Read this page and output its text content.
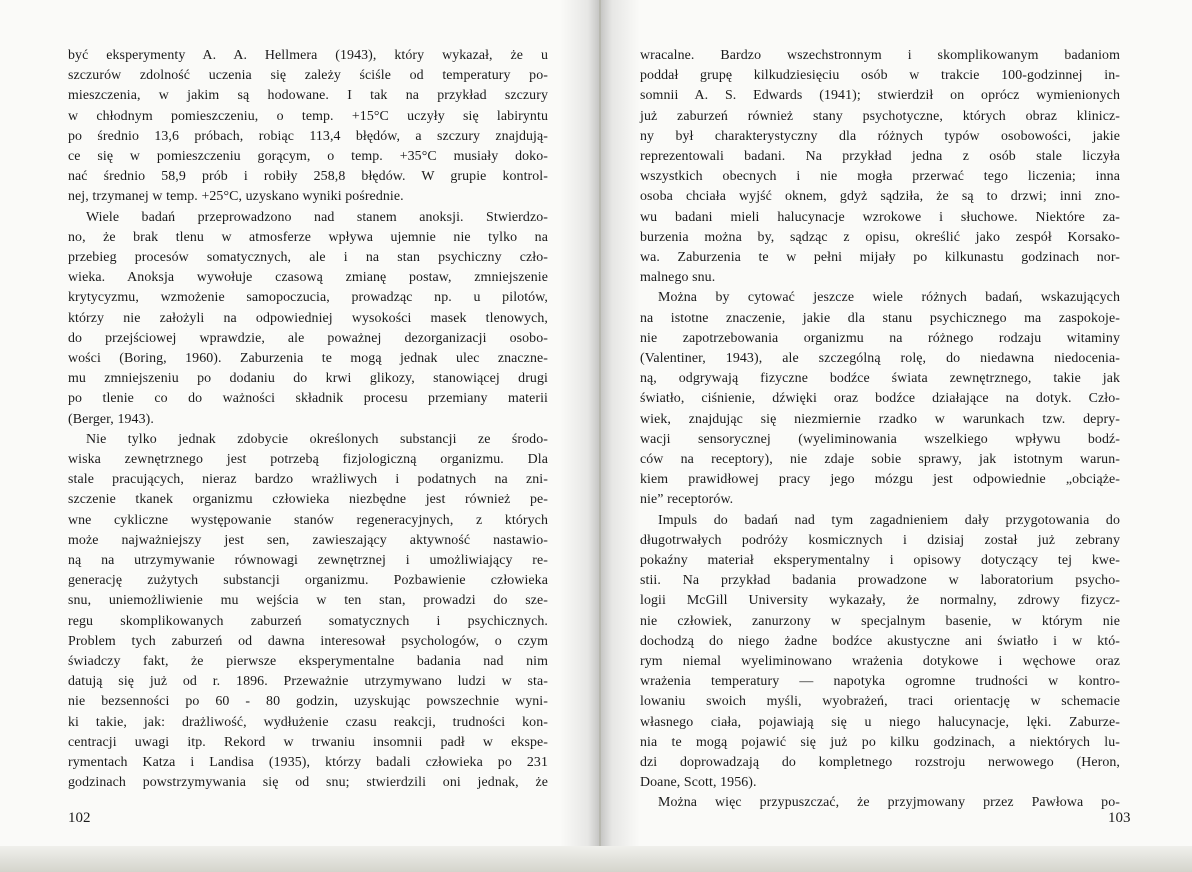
być eksperymenty A. A. Hellmera (1943), który wykazał, że u
szczurów zdolność uczenia się zależy ściśle od temperatury po-
mieszczenia, w jakim są hodowane. I tak na przykład szczury
w chłodnym pomieszczeniu, o temp. +15°C uczyły się labiryntu
po średnio 13,6 próbach, robiąc 113,4 błędów, a szczury znajdują-
ce się w pomieszczeniu gorącym, o temp. +35°C musiały doko-
nać średnio 58,9 prób i robiły 258,8 błędów. W grupie kontrol-
nej, trzymanej w temp. +25°C, uzyskano wyniki pośrednie.
Wiele badań przeprowadzono nad stanem anoksji. Stwierdzo-
no, że brak tlenu w atmosferze wpływa ujemnie nie tylko na
przebieg procesów somatycznych, ale i na stan psychiczny czło-
wieka. Anoksja wywołuje czasową zmianę postaw, zmniejszenie
krytycyzmu, wzmożenie samopoczucia, prowadząc np. u pilotów,
którzy nie założyli na odpowiedniej wysokości masek tlenowych,
do przejściowej wprawdzie, ale poważnej dezorganizacji osobo-
wości (Boring, 1960). Zaburzenia te mogą jednak ulec znaczne-
mu zmniejszeniu po dodaniu do krwi glikozy, stanowiącej drugi
po tlenie co do ważności składnik procesu przemiany materii
(Berger, 1943).
Nie tylko jednak zdobycie określonych substancji ze środo-
wiska zewnętrznego jest potrzebą fizjologiczną organizmu. Dla
stale pracujących, nieraz bardzo wrażliwych i podatnych na zni-
szczenie tkanek organizmu człowieka niezbędne jest również pe-
wne cykliczne występowanie stanów regeneracyjnych, z których
może najważniejszy jest sen, zawieszający aktywność nastawio-
ną na utrzymywanie równowagi zewnętrznej i umożliwiający re-
generację zużytych substancji organizmu. Pozbawienie człowieka
snu, uniemożliwienie mu wejścia w ten stan, prowadzi do sze-
regu skomplikowanych zaburzeń somatycznych i psychicznych.
Problem tych zaburzeń od dawna interesował psychologów, o czym
świadczy fakt, że pierwsze eksperymentalne badania nad nim
datują się już od r. 1896. Przeważnie utrzymywano ludzi w sta-
nie bezsenności po 60 - 80 godzin, uzyskując powszechnie wyni-
ki takie, jak: drażliwość, wydłużenie czasu reakcji, trudności kon-
centracji uwagi itp. Rekord w trwaniu insomnii padł w ekspe-
rymentach Katza i Landisa (1935), którzy badali człowieka po 231
godzinach powstrzymywania się od snu; stwierdzili oni jednak, że
102
wracalne. Bardzo wszechstronnym i skomplikowanym badaniom
poddał grupę kilkudziesięciu osób w trakcie 100-godzinnej in-
somnii A. S. Edwards (1941); stwierdził on oprócz wymienionych
już zaburzeń również stany psychotyczne, których obraz klinicz-
ny był charakterystyczny dla różnych typów osobowości, jakie
reprezentowali badani. Na przykład jedna z osób stale liczyła
wszystkich obecnych i nie mogła przerwać tego liczenia; inna
osoba chciała wyjść oknem, gdyż sądziła, że są to drzwi; inni zno-
wu badani mieli halucynacje wzrokowe i słuchowe. Niektóre za-
burzenia można by, sądząc z opisu, określić jako zespół Korsako-
wa. Zaburzenia te w pełni mijały po kilkunastu godzinach nor-
malnego snu.
Można by cytować jeszcze wiele różnych badań, wskazujących
na istotne znaczenie, jakie dla stanu psychicznego ma zaspokoje-
nie zapotrzebowania organizmu na różnego rodzaju witaminy
(Valentiner, 1943), ale szczególną rolę, do niedawna niedocenia-
ną, odgrywają fizyczne bodźce świata zewnętrznego, takie jak
światło, ciśnienie, dźwięki oraz bodźce działające na dotyk. Czło-
wiek, znajdując się niezmiernie rzadko w warunkach tzw. depry-
wacji sensorycznej (wyeliminowania wszelkiego wpływu bodź-
ców na receptory), nie zdaje sobie sprawy, jak istotnym warun-
kiem prawidłowej pracy jego mózgu jest odpowiednie „obciąże-
nie” receptorów.
Impuls do badań nad tym zagadnieniem dały przygotowania do
długotrwałych podróży kosmicznych i dzisiaj został już zebrany
pokaźny materiał eksperymentalny i opisowy dotyczący tej kwe-
stii. Na przykład badania prowadzone w laboratorium psycho-
logii McGill University wykazały, że normalny, zdrowy fizycz-
nie człowiek, zanurzony w specjalnym basenie, w którym nie
dochodzą do niego żadne bodźce akustyczne ani światło i w któ-
rym niemal wyeliminowano wrażenia dotykowe i węchowe oraz
wrażenia temperatury — napotyka ogromne trudności w kontro-
lowaniu swoich myśli, wyobrażeń, traci orientację w schemacie
własnego ciała, pojawiają się u niego halucynacje, lęki. Zaburze-
nia te mogą pojawić się już po kilku godzinach, a niektórych lu-
dzi doprowadzają do kompletnego rozstroju nerwowego (Heron,
Doane, Scott, 1956).
Można więc przypuszczać, że przyjmowany przez Pawłowa po-
103
